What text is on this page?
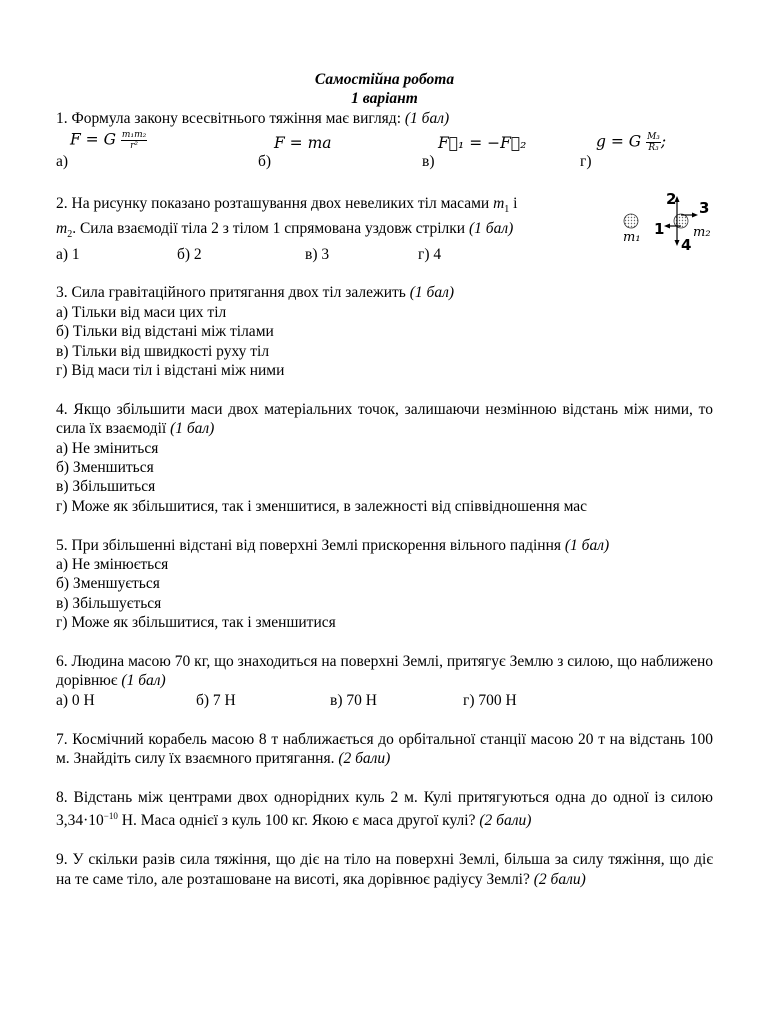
Самостійна робота
1 варіант
1. Формула закону всесвітнього тяжіння має вигляд: (1 бал)
а)
F = G $\frac{\text{m₁m₂}}{\text{r²}}$
б)
F = ma
в)
F⃗₁ = −F⃗₂
г)
g = G $\frac{\text{M₃}}{\text{R₃}}$ ;
2. На рисунку показано розташування двох невеликих тіл масами $m_1$ і
$m_2$. Сила взаємодії тіла 2 з тілом 1 спрямована уздовж стрілки (1 бал)
а) 1	б) 2	в) 3	г) 4
m₁	m₂
2 3
1
4
3. Сила гравітаційного притягання двох тіл залежить (1 бал)
а) Тільки від маси цих тіл
б) Тільки від відстані між тілами
в) Тільки від швидкості руху тіл
г) Від маси тіл і відстані між ними
4. Якщо збільшити маси двох матеріальних точок, залишаючи незмінною відстань між ними, то сила їх взаємодії (1 бал)
а) Не зміниться
б) Зменшиться
в) Збільшиться
г) Може як збільшитися, так і зменшитися, в залежності від співвідношення мас
5. При збільшенні відстані від поверхні Землі прискорення вільного падіння (1 бал)
а) Не змінюється
б) Зменшується
в) Збільшується
г) Може як збільшитися, так і зменшитися
6. Людина масою 70 кг, що знаходиться на поверхні Землі, притягує Землю з силою, що наближено дорівнює (1 бал)
а) 0 Н	б) 7 Н	в) 70 Н	г) 700 Н
7. Космічний корабель масою 8 т наближається до орбітальної станції масою 20 т на відстань 100 м. Знайдіть силу їх взаємного притягання. (2 бали)
8. Відстань між центрами двох однорідних куль 2 м. Кулі притягуються одна до одної із силою $3,34\cdot 10^{-10}$ Н. Маса однієї з куль 100 кг. Якою є маса другої кулі? (2 бали)
9. У скільки разів сила тяжіння, що діє на тіло на поверхні Землі, більша за силу тяжіння, що діє на те саме тіло, але розташоване на висоті, яка дорівнює радіусу Землі? (2 бали)
